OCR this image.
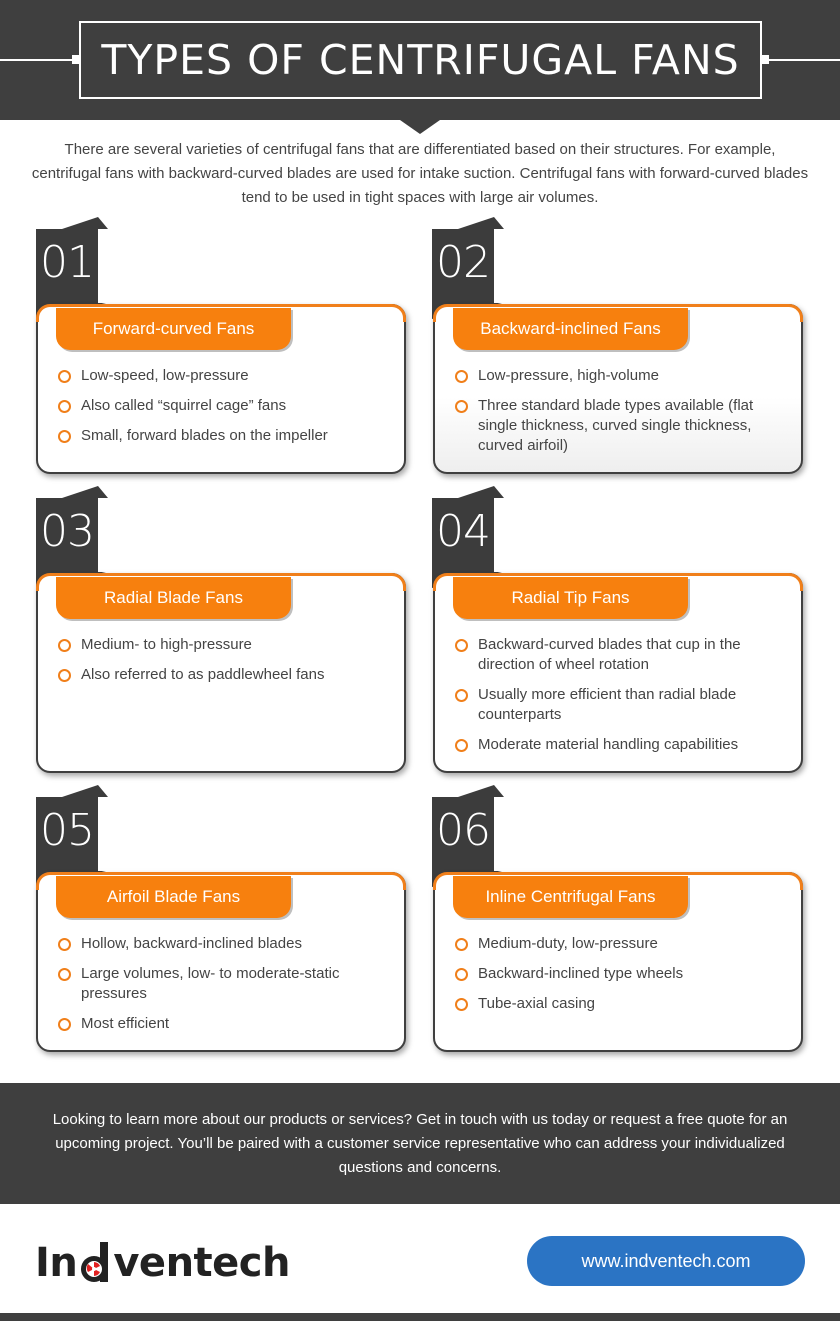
TYPES OF CENTRIFUGAL FANS

There are several varieties of centrifugal fans that are differentiated based on their structures. For example, centrifugal fans with backward-curved blades are used for intake suction. Centrifugal fans with forward-curved blades tend to be used in tight spaces with large air volumes.

01
Forward-curved Fans
Low-speed, low-pressure
Also called “squirrel cage” fans
Small, forward blades on the impeller
02
Backward-inclined Fans
Low-pressure, high-volume
Three standard blade types available (flat single thickness, curved single thickness, curved airfoil)
03
Radial Blade Fans
Medium- to high-pressure
Also referred to as paddlewheel fans
04
Radial Tip Fans
Backward-curved blades that cup in the direction of wheel rotation
Usually more efficient than radial blade counterparts
Moderate material handling capabilities
05
Airfoil Blade Fans
Hollow, backward-inclined blades
Large volumes, low- to moderate-static pressures
Most efficient
06
Inline Centrifugal Fans
Medium-duty, low-pressure
Backward-inclined type wheels
Tube-axial casing

Looking to learn more about our products or services? Get in touch with us today or request a free quote for an upcoming project. You’ll be paired with a customer service representative who can address your individualized questions and concerns.

In ventech	www.indventech.com
